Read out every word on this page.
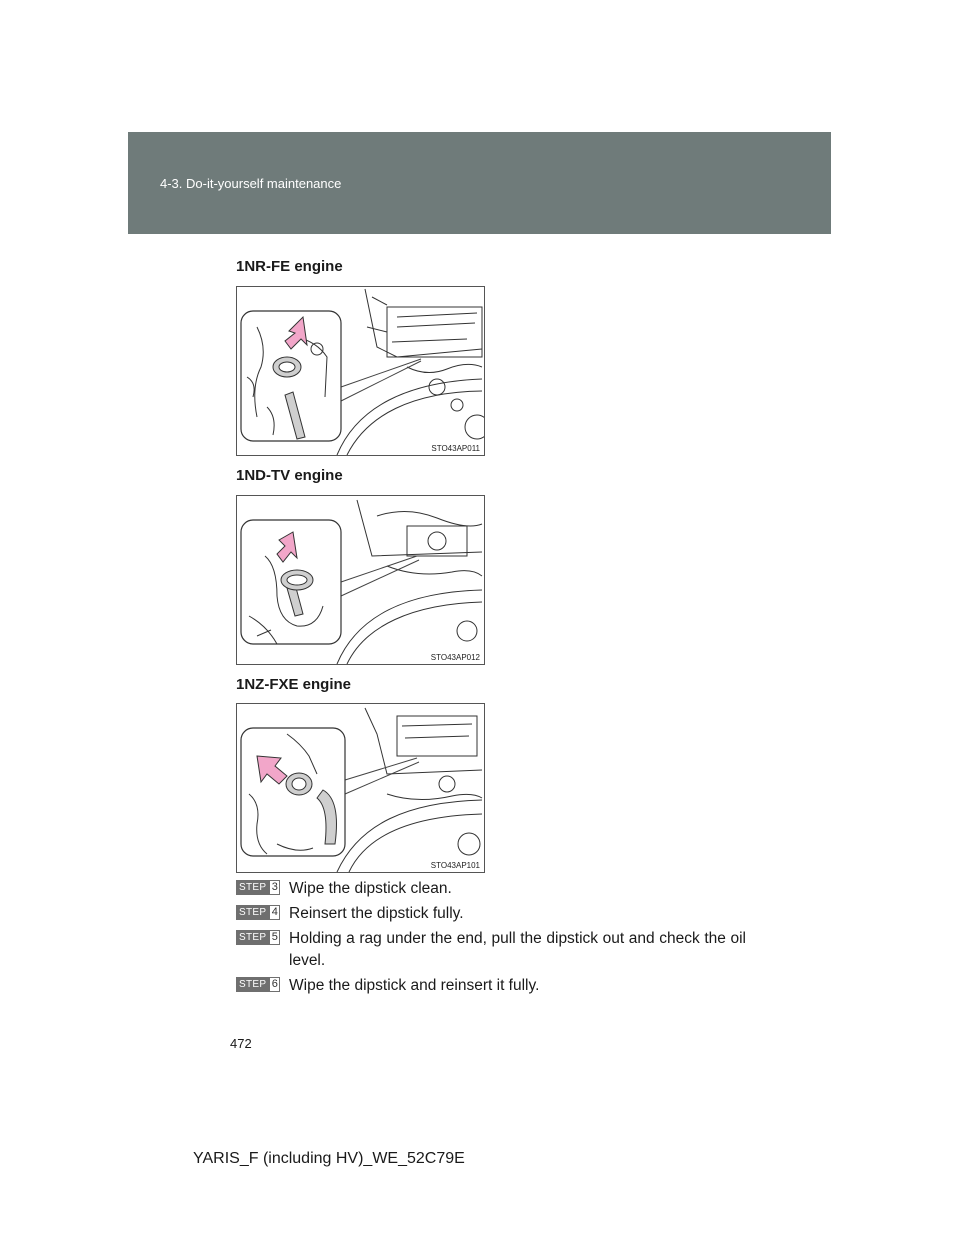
4-3. Do-it-yourself maintenance
1NR-FE engine
STO43AP011
1ND-TV engine
STO43AP012
1NZ-FXE engine
STO43AP101
STEP 3 Wipe the dipstick clean.
STEP 4 Reinsert the dipstick fully.
STEP 5 Holding a rag under the end, pull the dipstick out and check the oil level.
STEP 6 Wipe the dipstick and reinsert it fully.
472
YARIS_F (including HV)_WE_52C79E
